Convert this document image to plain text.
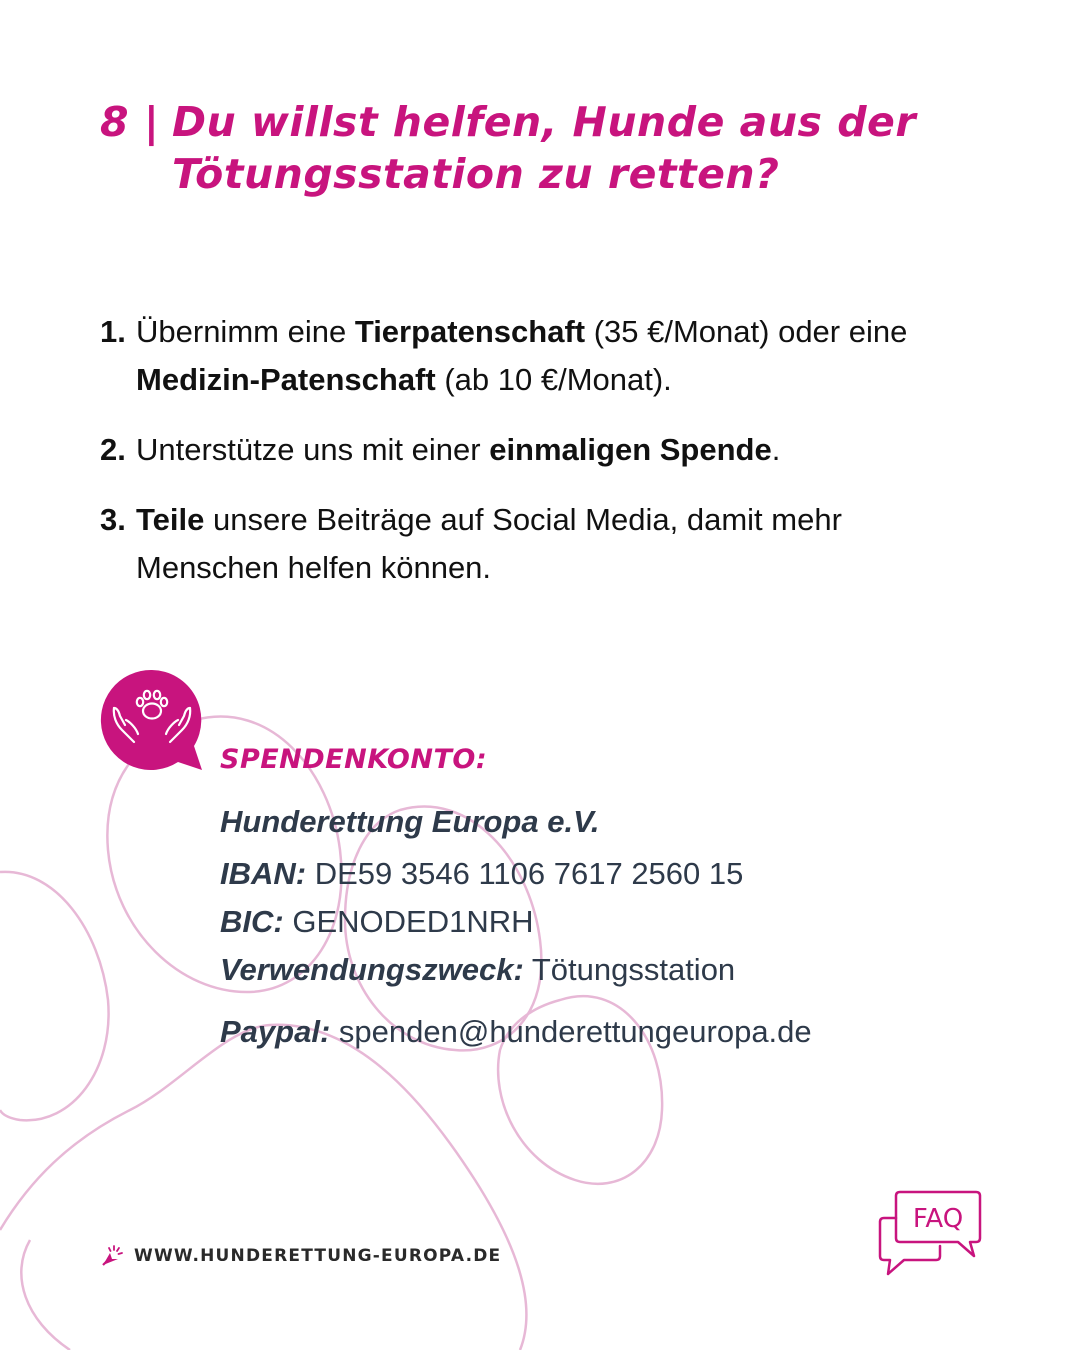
8 | Du willst helfen, Hunde aus der
Tötungsstation zu retten?
1. Übernimm eine Tierpatenschaft (35 €/Monat) oder eine Medizin-Patenschaft (ab 10 €/Monat).
2. Unterstütze uns mit einer einmaligen Spende.
3. Teile unsere Beiträge auf Social Media, damit mehr Menschen helfen können.
SPENDENKONTO:
Hunderettung Europa e.V.
IBAN: DE59 3546 1106 7617 2560 15
BIC: GENODED1NRH
Verwendungszweck: Tötungsstation
Paypal: spenden@hunderettungeuropa.de
WWW.HUNDERETTUNG-EUROPA.DE
FAQ
